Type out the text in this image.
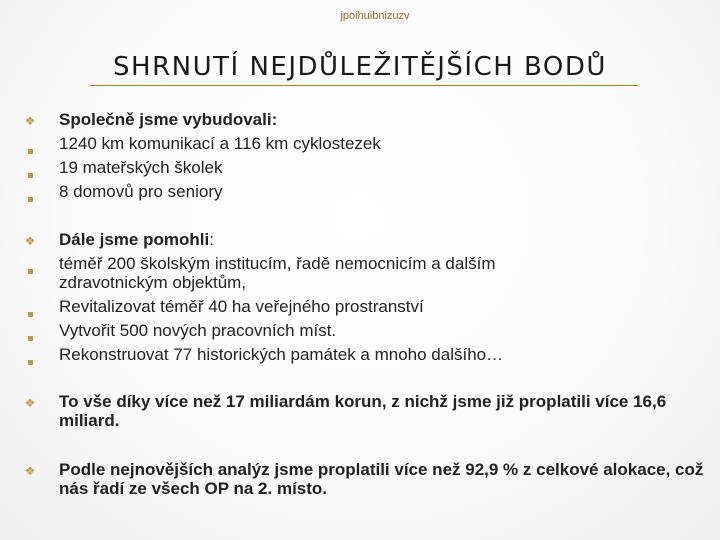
jpoihuibnizuzv
SHRNUTÍ NEJDŮLEŽITĚJŠÍCH BODŮ
❖ Společně jsme vybudovali:
1240 km komunikací a 116 km cyklostezek
19 mateřských školek
8 domovů pro seniory
❖ Dále jsme pomohli:
téměř 200 školským institucím, řadě nemocnicím a dalším zdravotnickým objektům,
Revitalizovat téměř 40 ha veřejného prostranství
Vytvořit 500 nových pracovních míst.
Rekonstruovat 77 historických památek a mnoho dalšího…
❖ To vše díky více než 17 miliardám korun, z nichž jsme již proplatili více 16,6 miliard.
❖ Podle nejnovějších analýz jsme proplatili více než 92,9 % z celkové alokace, což nás řadí ze všech OP na 2. místo.
